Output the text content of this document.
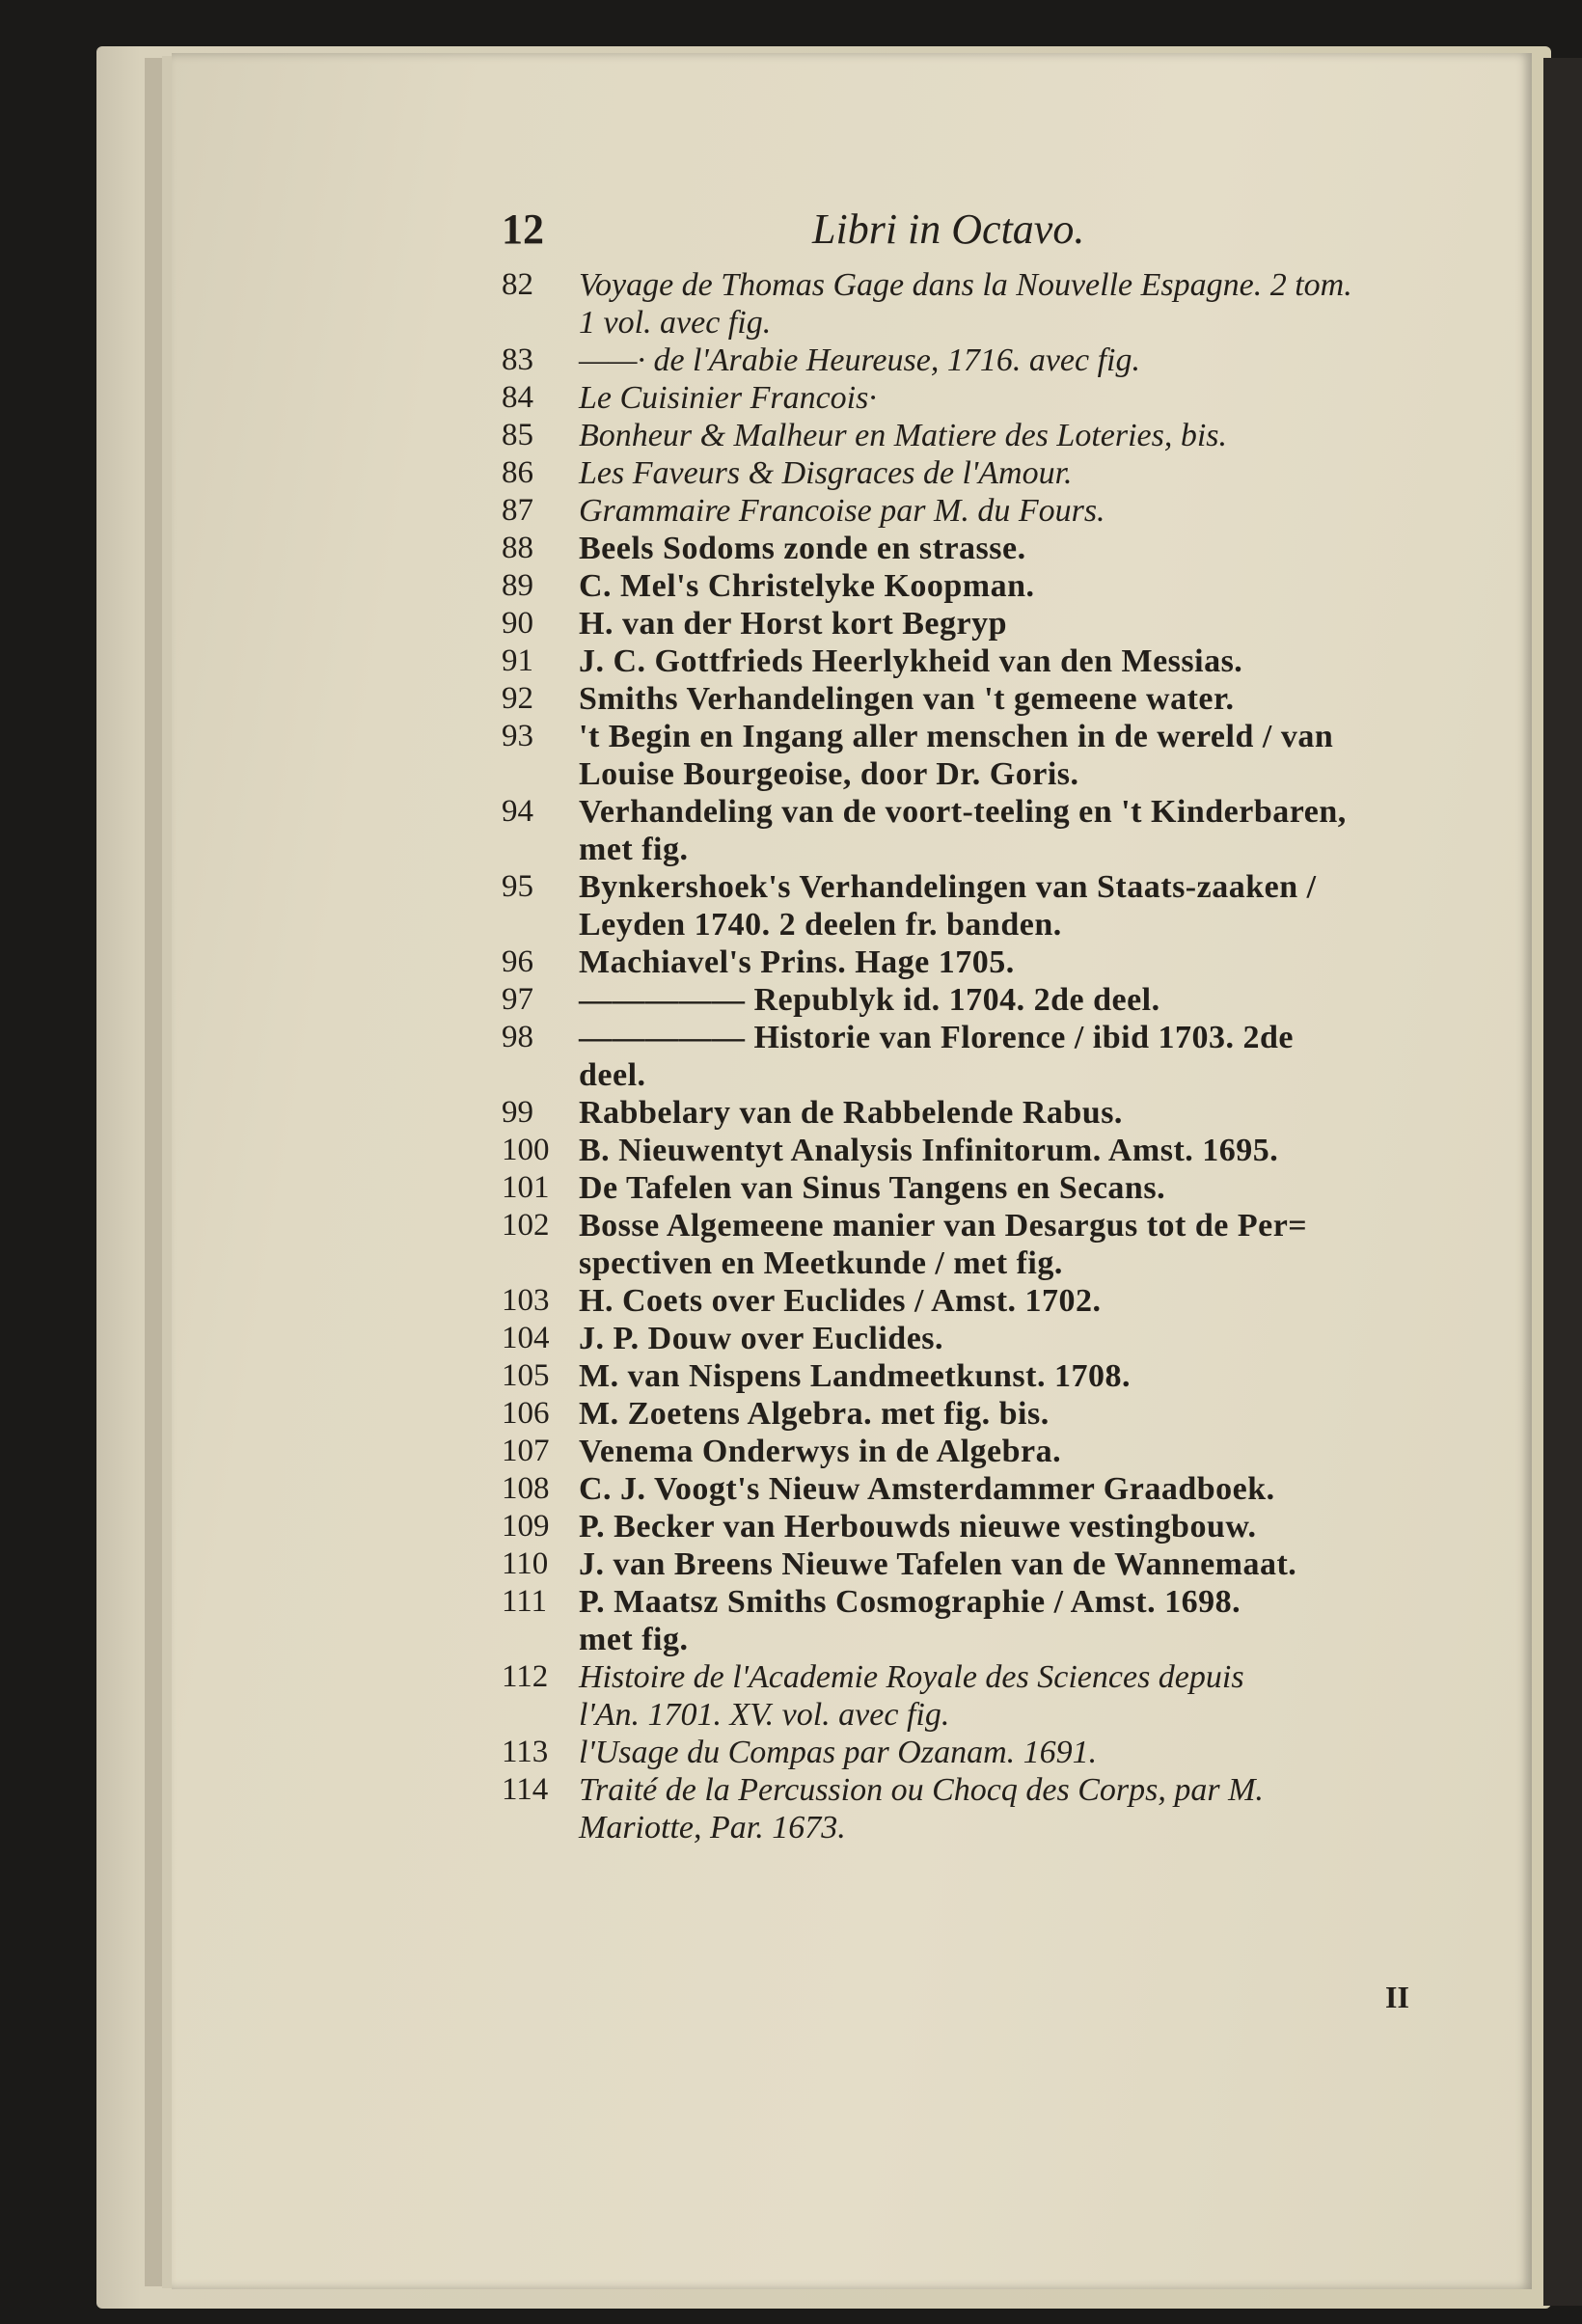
12	Libri in Octavo.
82	Voyage de Thomas Gage dans la Nouvelle Espagne. 2 tom.
1 vol. avec fig.
83	——· de l'Arabie Heureuse, 1716. avec fig.
84	Le Cuisinier Francois·
85	Bonheur & Malheur en Matiere des Loteries, bis.
86	Les Faveurs & Disgraces de l'Amour.
87	Grammaire Francoise par M. du Fours.
88	Beels Sodoms zonde en strasse.
89	C. Mel's Christelyke Koopman.
90	H. van der Horst kort Begryp
91	J. C. Gottfrieds Heerlykheid van den Messias.
92	Smiths Verhandelingen van 't gemeene water.
93	't Begin en Ingang aller menschen in de wereld / van
Louise Bourgeoise, door Dr. Goris.
94	Verhandeling van de voort-teeling en 't Kinderbaren,
met fig.
95	Bynkershoek's Verhandelingen van Staats-zaaken /
Leyden 1740. 2 deelen fr. banden.
96	Machiavel's Prins. Hage 1705.
97	————— Republyk id. 1704. 2de deel.
98	————— Historie van Florence / ibid 1703. 2de
deel.
99	Rabbelary van de Rabbelende Rabus.
100 B. Nieuwentyt Analysis Infinitorum. Amst. 1695.
101 De Tafelen van Sinus Tangens en Secans.
102 Bosse Algemeene manier van Desargus tot de Per=
spectiven en Meetkunde / met fig.
103 H. Coets over Euclides / Amst. 1702.
104 J. P. Douw over Euclides.
105 M. van Nispens Landmeetkunst. 1708.
106 M. Zoetens Algebra. met fig. bis.
107 Venema Onderwys in de Algebra.
108 C. J. Voogt's Nieuw Amsterdammer Graadboek.
109 P. Becker van Herbouwds nieuwe vestingbouw.
110 J. van Breens Nieuwe Tafelen van de Wannemaat.
111 P. Maatsz Smiths Cosmographie / Amst. 1698.
met fig.
112 Histoire de l'Academie Royale des Sciences depuis
l'An. 1701. XV. vol. avec fig.
113 l'Usage du Compas par Ozanam. 1691.
114 Traité de la Percussion ou Chocq des Corps, par M.
Mariotte, Par. 1673.
II
